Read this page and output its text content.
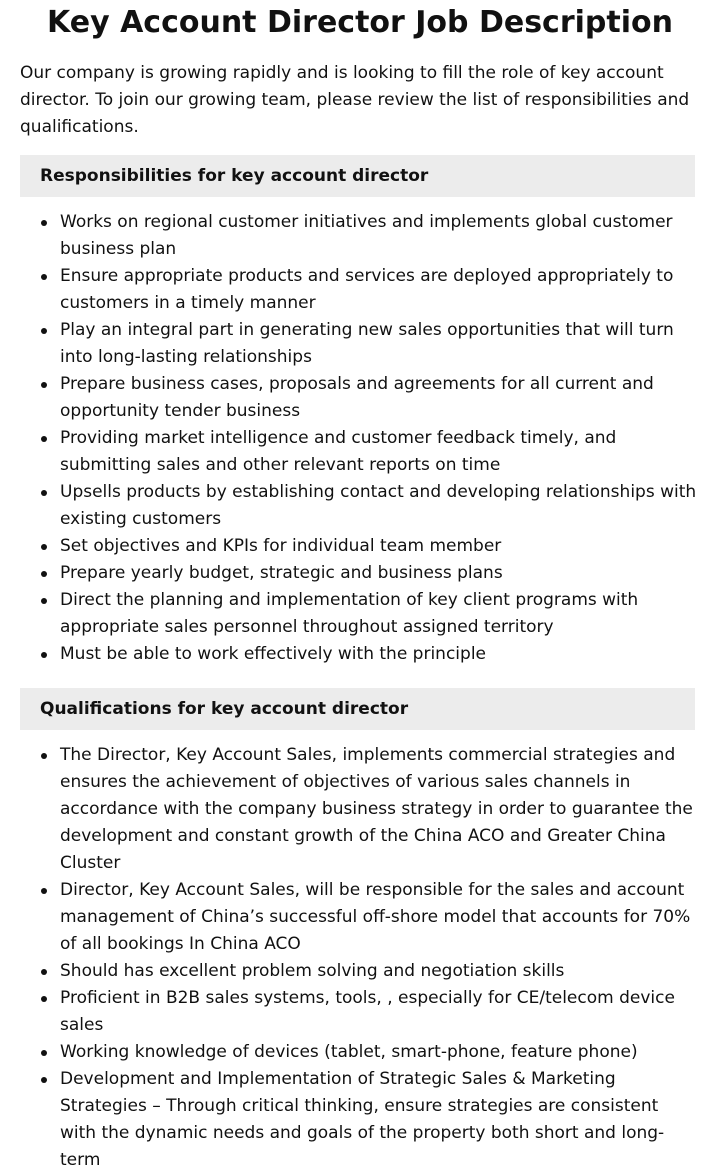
Key Account Director Job Description

Our company is growing rapidly and is looking to fill the role of key account director. To join our growing team, please review the list of responsibilities and qualifications.

Responsibilities for key account director
Works on regional customer initiatives and implements global customer business plan
Ensure appropriate products and services are deployed appropriately to customers in a timely manner
Play an integral part in generating new sales opportunities that will turn into long-lasting relationships
Prepare business cases, proposals and agreements for all current and opportunity tender business
Providing market intelligence and customer feedback timely, and submitting sales and other relevant reports on time
Upsells products by establishing contact and developing relationships with existing customers
Set objectives and KPIs for individual team member
Prepare yearly budget, strategic and business plans
Direct the planning and implementation of key client programs with appropriate sales personnel throughout assigned territory
Must be able to work effectively with the principle
Qualifications for key account director
The Director, Key Account Sales, implements commercial strategies and ensures the achievement of objectives of various sales channels in accordance with the company business strategy in order to guarantee the development and constant growth of the China ACO and Greater China Cluster
Director, Key Account Sales, will be responsible for the sales and account management of China’s successful off-shore model that accounts for 70% of all bookings In China ACO
Should has excellent problem solving and negotiation skills
Proficient in B2B sales systems, tools, , especially for CE/telecom device sales
Working knowledge of devices (tablet, smart-phone, feature phone)
Development and Implementation of Strategic Sales & Marketing Strategies – Through critical thinking, ensure strategies are consistent with the dynamic needs and goals of the property both short and long-term
